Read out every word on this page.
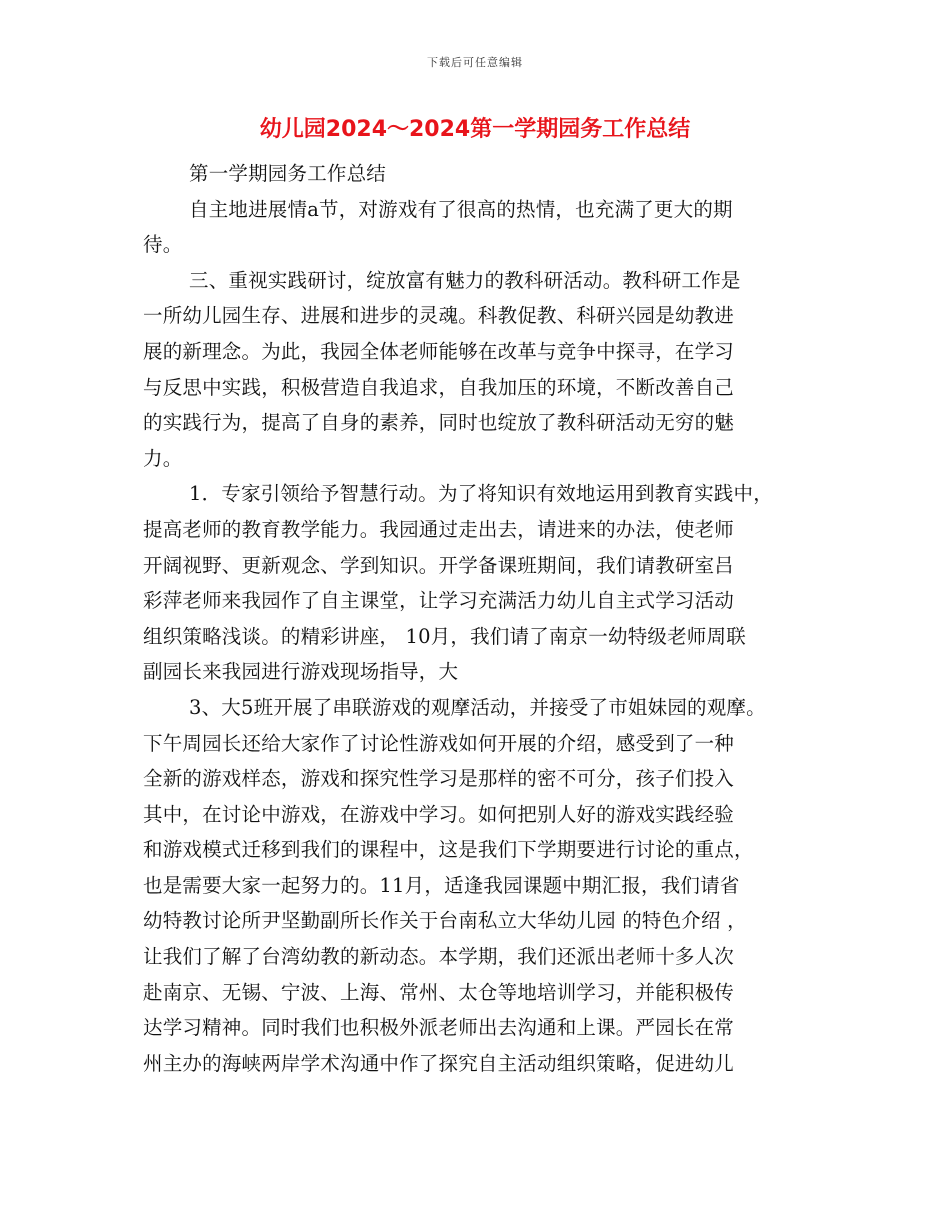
下载后可任意编辑
幼儿园2024～2024第一学期园务工作总结
第一学期园务工作总结
自主地进展情a节，对游戏有了很高的热情，也充满了更大的期
待。
三、重视实践研讨，绽放富有魅力的教科研活动。教科研工作是
一所幼儿园生存、进展和进步的灵魂。科教促教、科研兴园是幼教进
展的新理念。为此，我园全体老师能够在改革与竞争中探寻，在学习
与反思中实践，积极营造自我追求，自我加压的环境，不断改善自己
的实践行为，提高了自身的素养，同时也绽放了教科研活动无穷的魅
力。
1．专家引领给予智慧行动。为了将知识有效地运用到教育实践中，
提高老师的教育教学能力。我园通过走出去，请进来的办法，使老师
开阔视野、更新观念、学到知识。开学备课班期间，我们请教研室吕
彩萍老师来我园作了自主课堂，让学习充满活力幼儿自主式学习活动
组织策略浅谈。的精彩讲座， 10月，我们请了南京一幼特级老师周联
副园长来我园进行游戏现场指导，大
3、大5班开展了串联游戏的观摩活动，并接受了市姐妹园的观摩。
下午周园长还给大家作了讨论性游戏如何开展的介绍，感受到了一种
全新的游戏样态，游戏和探究性学习是那样的密不可分，孩子们投入
其中，在讨论中游戏，在游戏中学习。如何把别人好的游戏实践经验
和游戏模式迁移到我们的课程中，这是我们下学期要进行讨论的重点，
也是需要大家一起努力的。11月，适逢我园课题中期汇报，我们请省
幼特教讨论所尹坚勤副所长作关于台南私立大华幼儿园 的特色介绍 ，
让我们了解了台湾幼教的新动态。本学期，我们还派出老师十多人次
赴南京、无锡、宁波、上海、常州、太仓等地培训学习，并能积极传
达学习精神。同时我们也积极外派老师出去沟通和上课。严园长在常
州主办的海峡两岸学术沟通中作了探究自主活动组织策略，促进幼儿
